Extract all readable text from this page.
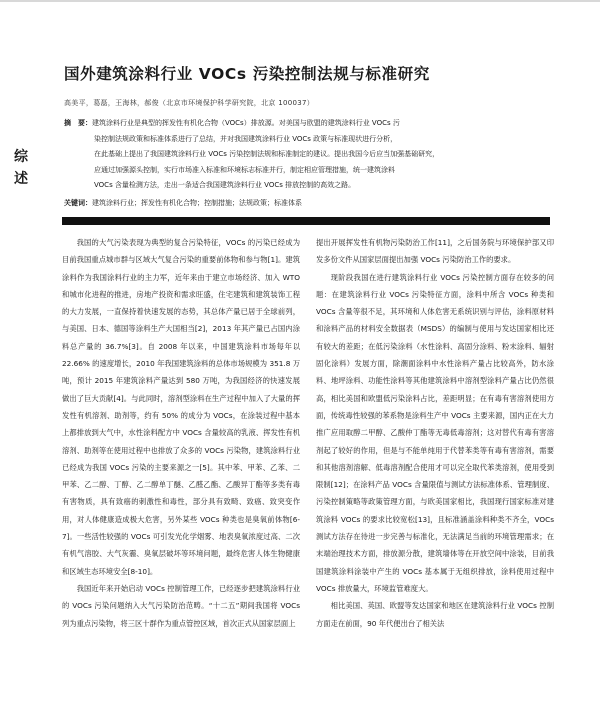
国外建筑涂料行业 VOCs 污染控制法规与标准研究
高美平，葛磊，王海林，郝俊（北京市环境保护科学研究院，北京 100037）
综
述
摘　要：建筑涂料行业是典型的挥发性有机化合物（VOCs）排放源。对美国与欧盟的建筑涂料行业 VOCs 污
染控制法规政策和标准体系进行了总结，并对我国建筑涂料行业 VOCs 政策与标准现状进行分析，
在此基础上提出了我国建筑涂料行业 VOCs 污染控制法规和标准制定的建议。提出我国今后应当加强基础研究，
应通过加强源头控制，实行市场准入标准和环境标志标准并行，制定相应管理措施，统一建筑涂料
VOCs 含量检测方法，走出一条适合我国建筑涂料行业 VOCs 排放控制的高效之路。
关键词：建筑涂料行业；挥发性有机化合物；控制措施；法规政策；标准体系

我国的大气污染表现为典型的复合污染特征，VOCs 的污染已经成为目前我国重点城市群与区域大气复合污染的重要前体物和参与物[1]。建筑涂料作为我国涂料行业的主力军，近年来由于建立市场经济、加入 WTO 和城市化进程的推进，房地产投资和需求旺盛，住宅建筑和建筑装饰工程的大力发展，一直保持着快速发展的态势，其总体产量已居于全球前列，与美国、日本、德国等涂料生产大国相当[2]，2013 年其产量已占国内涂料总产量的 36.7%[3]。自 2008 年以来，中国建筑涂料市场每年以 22.66% 的速度增长，2010 年我国建筑涂料的总体市场规模为 351.8 万吨，预计 2015 年建筑涂料产量达到 580 万吨，为我国经济的快速发展做出了巨大贡献[4]。与此同时，溶剂型涂料在生产过程中加入了大量的挥发性有机溶剂、助剂等，约有 50% 的成分为 VOCs，在涂装过程中基本上都排放到大气中，水性涂料配方中 VOCs 含量较高的乳液、挥发性有机溶剂、助剂等在使用过程中也排放了众多的 VOCs 污染物，建筑涂料行业已经成为我国 VOCs 污染的主要来源之一[5]。其中苯、甲苯、乙苯、二甲苯、乙二醇、丁醇、乙二醇单丁醚、乙醛乙酯、乙酸异丁酯等多类有毒有害物质，具有致癌的刺激性和毒性，部分具有致畸、致癌、致突变作用，对人体健康造成极大危害，另外某些 VOCs 种类也是臭氧前体物[6-7]。一些活性较强的 VOCs 可引发光化学烟雾、地表臭氧浓度过高、二次有机气溶胶、大气灰霾、臭氧层破坏等环境问题，最终危害人体生物健康和区域生态环境安全[8-10]。

我国近年来开始启动 VOCs 控制管理工作，已经逐步把建筑涂料行业的 VOCs 污染问题纳入大气污染防治范畴。“十二五”期间我国将 VOCs 列为重点污染物，将三区十群作为重点管控区域，首次正式从国家层面上

提出开展挥发性有机物污染防治工作[11]，之后国务院与环境保护部又印发多份文件从国家层面提出加强 VOCs 污染防治工作的要求。

现阶段我国在进行建筑涂料行业 VOCs 污染控制方面存在较多的问题：在建筑涂料行业 VOCs 污染特征方面，涂料中所含 VOCs 种类和 VOCs 含量等很不足，其环境和人体危害无系统识别与评估，涂料原材料和涂料产品的材料安全数据表（MSDS）的编制与使用与发达国家相比还有较大的差距；在低污染涂料（水性涂料、高固分涂料、粉末涂料、辐射固化涂料）发展方面，除潮面涂料中水性涂料产量占比较高外，防水涂料、地坪涂料、功能性涂料等其他建筑涂料中溶剂型涂料产量占比仍然很高，相比美国和欧盟低污染涂料占比，差距明显；在有毒有害溶剂使用方面，传统毒性较强的苯系物是涂料生产中 VOCs 主要来源，国内正在大力推广应用取醇二甲醇、乙酸仲丁酯等无毒低毒溶剂；这对替代有毒有害溶剂起了较好的作用，但是与不能单纯用于代替苯类等有毒有害溶剂，需要和其他溶剂溶解、低毒溶剂配合使用才可以完全取代苯类溶剂，使用受到限制[12]；在涂料产品 VOCs 含量限值与测试方法标准体系、管理制度、污染控制策略等政策管理方面，与欧美国家相比，我国现行国家标准对建筑涂料 VOCs 的要求比较宽松[13]，且标准涵盖涂料种类不齐全，VOCs 测试方法存在待进一步完善与标准化，无法满足当前的环境管理需求；在末端治理技术方面，排放源分散，建筑墙体等在开放空间中涂装，目前我国建筑涂料涂装中产生的 VOCs 基本属于无组织排放，涂料使用过程中 VOCs 排放量大，环境监管难度大。

相比美国、英国、欧盟等发达国家和地区在建筑涂料行业 VOCs 控制方面走在前面，90 年代便出台了相关法
